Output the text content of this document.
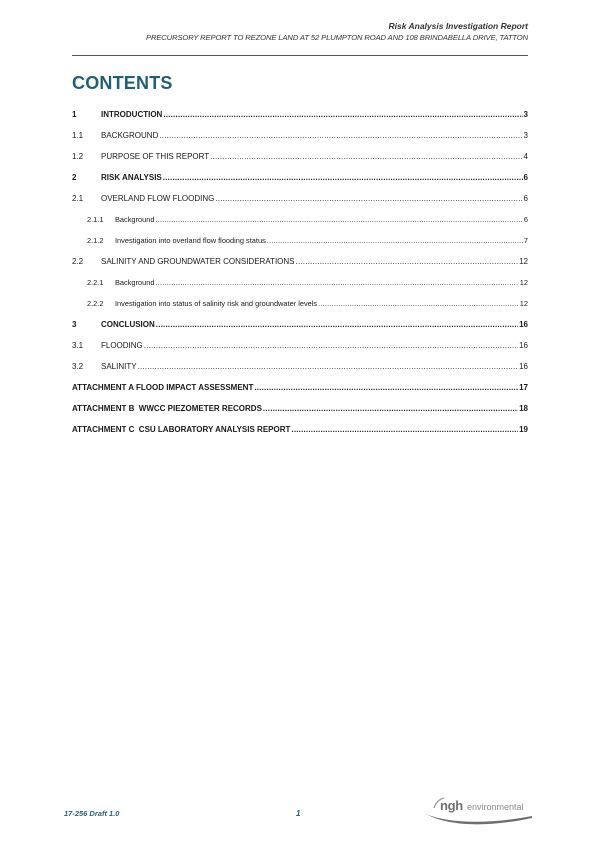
Risk Analysis Investigation Report
PRECURSORY REPORT TO REZONE LAND AT 52 PLUMPTON ROAD AND 108 BRINDABELLA DRIVE, TATTON
CONTENTS
1	INTRODUCTION .....	3
1.1	BACKGROUND .....	3
1.2	PURPOSE OF THIS REPORT .....	4
2	RISK ANALYSIS .....	6
2.1	OVERLAND FLOW FLOODING .....	6
2.1.1	Background .....	6
2.1.2	Investigation into overland flow flooding status .....	7
2.2	SALINITY AND GROUNDWATER CONSIDERATIONS .....	12
2.2.1	Background .....	12
2.2.2	Investigation into status of salinity risk and groundwater levels .....	12
3	CONCLUSION .....	16
3.1	FLOODING .....	16
3.2	SALINITY .....	16
ATTACHMENT A FLOOD IMPACT ASSESSMENT .....	17
ATTACHMENT B  WWCC PIEZOMETER RECORDS .....	18
ATTACHMENT C  CSU LABORATORY ANALYSIS REPORT .....	19
17-256 Draft 1.0	1
ngh environmental
